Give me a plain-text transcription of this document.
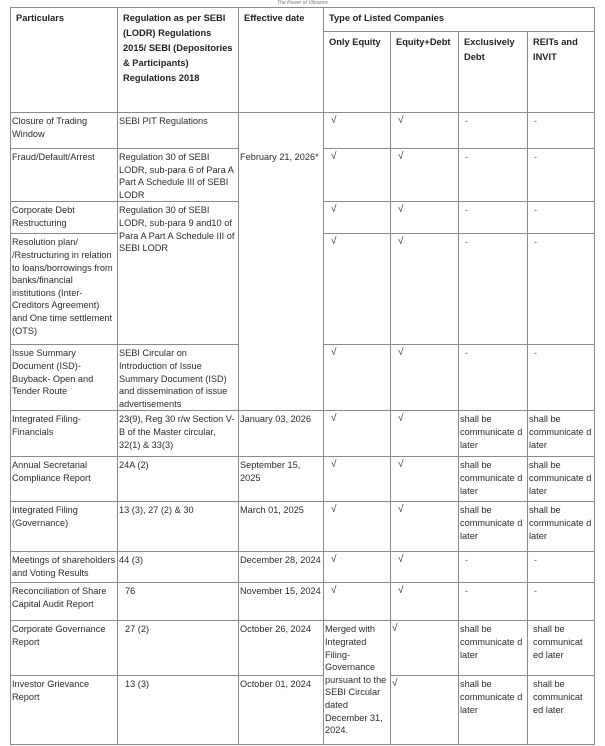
The Power of Vibrance
Particulars	Regulation as per SEBI (LODR) Regulations 2015/ SEBI (Depositories & Participants) Regulations 2018	Effective date	Type of Listed Companies			
			Only Equity	Equity+Debt	Exclusively Debt	REITs and INVIT
Closure of Trading Window	SEBI PIT Regulations	February 21, 2026*	√	√	-	-
Fraud/Default/Arrest	Regulation 30 of SEBI LODR, sub-para 6 of Para A Part A Schedule III of SEBI LODR		√	√	-	-
Corporate Debt Restructuring	Regulation 30 of SEBI LODR, sub-para 9 and10 of Para A Part A Schedule III of SEBI LODR		√	√	-	-
Resolution plan/ /Restructuring in relation to loans/borrowings from banks/financial institutions (Inter-Creditors Agreement) and One time settlement (OTS)			√	√	-	-
Issue Summary Document (ISD)-Buyback- Open and Tender Route	SEBI Circular on Introduction of Issue Summary Document (ISD) and dissemination of issue advertisements		√	√	-	-
Integrated Filing-Financials	23(9), Reg 30 r/w Section V-B of the Master circular, 32(1) & 33(3)	January 03, 2026	√	√	shall be communicate d later	shall be communicate d later
Annual Secretarial Compliance Report	24A (2)	September 15, 2025	√	√	shall be communicate d later	shall be communicate d later
Integrated Filing (Governance)	13 (3), 27 (2) & 30	March 01, 2025	√	√	shall be communicate d later	shall be communicate d later
Meetings of shareholders and Voting Results	44 (3)	December 28, 2024	√	√	-	-
Reconciliation of Share Capital Audit Report	76	November 15, 2024	√	√	-	-
Corporate Governance Report	27 (2)	October 26, 2024	Merged with Integrated Filing-Governance pursuant to the SEBI Circular dated December 31, 2024.	√	shall be communicate d later	shall be communicat ed later
Investor Grievance Report	13 (3)	October 01, 2024		√	shall be communicate d later	shall be communicat ed later
